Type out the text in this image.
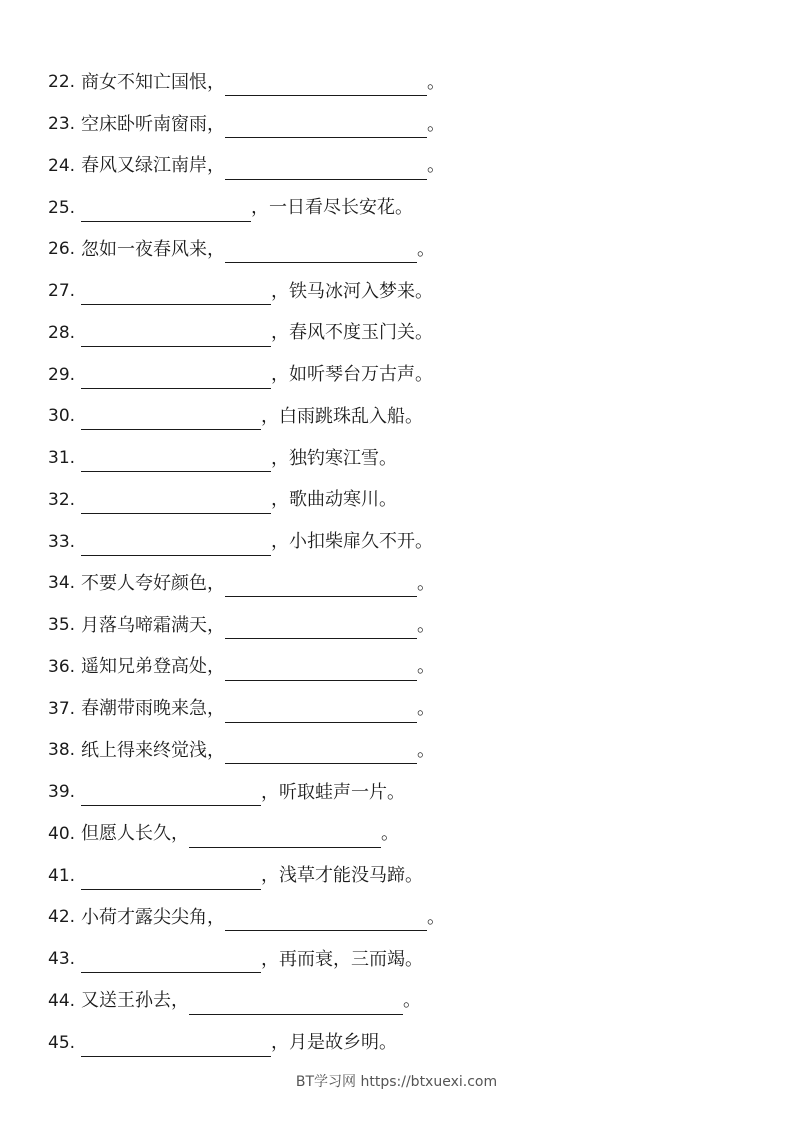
22. 商女不知亡国恨，	。
23. 空床卧听南窗雨，	。
24. 春风又绿江南岸，	。
25.	，一日看尽长安花。
26. 忽如一夜春风来，	。
27.	，铁马冰河入梦来。
28.	，春风不度玉门关。
29.	，如听琴台万古声。
30.	，白雨跳珠乱入船。
31.	，独钓寒江雪。
32.	，歌曲动寒川。
33.	，小扣柴扉久不开。
34. 不要人夸好颜色，	。
35. 月落乌啼霜满天，	。
36. 遥知兄弟登高处，	。
37. 春潮带雨晚来急，	。
38. 纸上得来终觉浅，	。
39.	，听取蛙声一片。
40. 但愿人长久，	。
41.	，浅草才能没马蹄。
42. 小荷才露尖尖角，	。
43.	，再而衰，三而竭。
44. 又送王孙去，	。
45.	，月是故乡明。
BT学习网 https://btxuexi.com
